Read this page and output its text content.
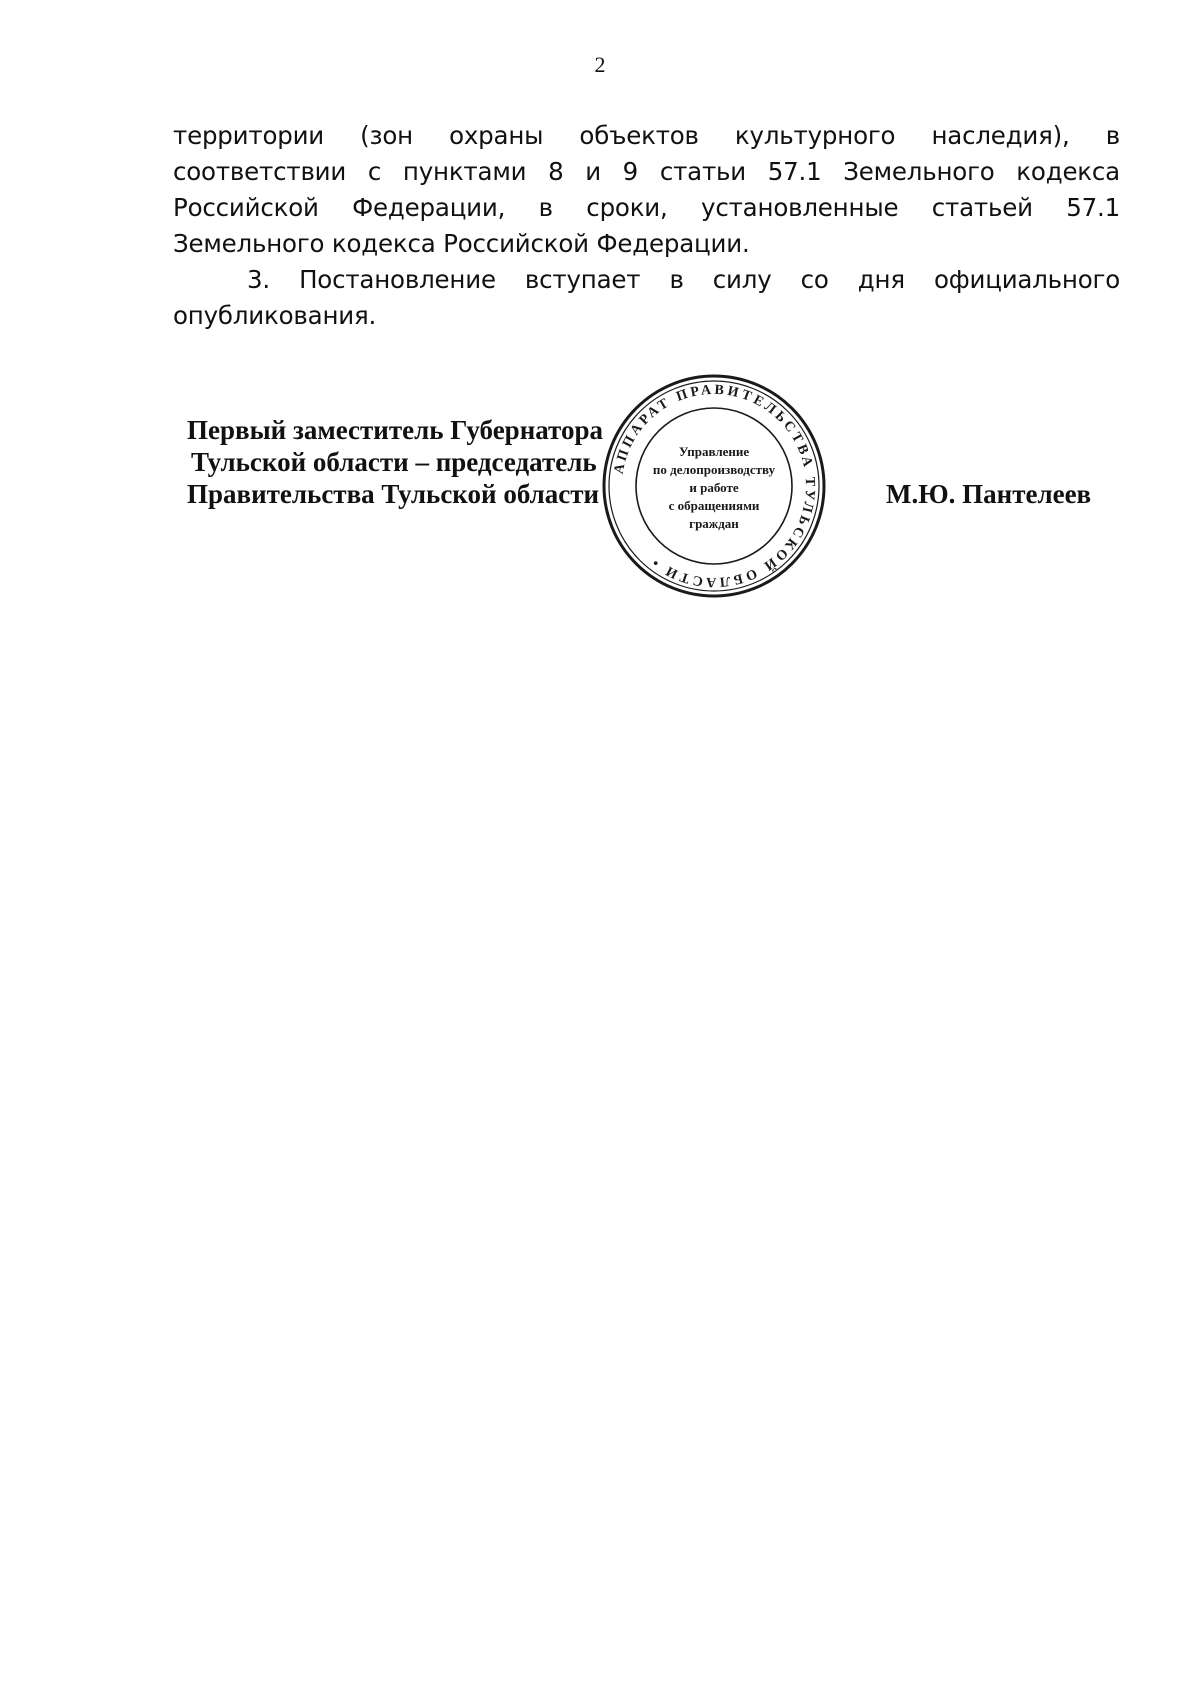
2

территории (зон охраны объектов культурного наследия), в соответствии с пунктами 8 и 9 статьи 57.1 Земельного кодекса Российской Федерации, в сроки, установленные статьей 57.1 Земельного кодекса Российской Федерации.

3. Постановление вступает в силу со дня официального опубликования.

АППАРАТ ПРАВИТЕЛЬСТВА ТУЛЬСКОЙ ОБЛАСТИ •
Управление
по делопроизводству
и работе
с обращениями
граждан
Первый заместитель Губернатора
Тульской области – председатель
Правительства Тульской области	М.Ю. Пантелеев
